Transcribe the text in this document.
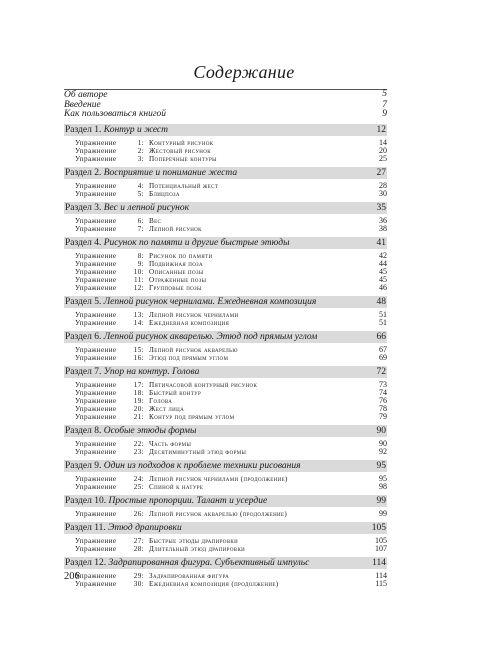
Содержание
Об авторе	5
Введение	7
Как пользоваться книгой	9
Раздел 1. Контур и жест	12
Упражнение	1: Контурный рисунок	14
Упражнение	2: Жестовый рисунок	20
Упражнение	3: Поперечные контуры	25
Раздел 2. Восприятие и понимание жеста	27
Упражнение	4: Потенциальный жест	28
Упражнение	5: Блицпоза	30
Раздел 3. Вес и лепной рисунок	35
Упражнение	6: Вес	36
Упражнение	7: Лепной рисунок	38
Раздел 4. Рисунок по памяти и другие быстрые этюды	41
Упражнение	8: Рисунок по памяти	42
Упражнение	9: Подвижная поза	44
Упражнение	10: Описанные позы	45
Упражнение	11: Отраженные позы	45
Упражнение	12: Групповые позы	46
Раздел 5. Лепной рисунок чернилами. Ежедневная композиция	48
Упражнение	13: Лепной рисунок чернилами	51
Упражнение	14: Ежедневная композиция	51
Раздел 6. Лепной рисунок акварелью. Этюд под прямым углом	66
Упражнение	15: Лепной рисунок акварелью	67
Упражнение	16: Этюд под прямым углом	69
Раздел 7. Упор на контур. Голова	72
Упражнение	17: Пятичасовой контурный рисунок	73
Упражнение	18: Быстрый контур	74
Упражнение	19: Голова	76
Упражнение	20: Жест лица	78
Упражнение	21: Контур под прямым углом	79
Раздел 8. Особые этюды формы	90
Упражнение	22: Часть формы	90
Упражнение	23: Десятиминутный этюд формы	92
Раздел 9. Один из подходов к проблеме техники рисования	95
Упражнение	24: Лепной рисунок чернилами (продолжение)	95
Упражнение	25: Спиной к натуре	98
Раздел 10. Простые пропорции. Талант и усердие	99
Упражнение	26: Лепной рисунок акварелью (продолжение)	99
Раздел 11. Этюд драпировки	105
Упражнение	27: Быстрые этюды драпировки	105
Упражнение	28: Длительный этюд драпировки	107
Раздел 12. Задрапированная фигура. Субъективный импульс	114
Упражнение	29: Задрапированная фигура	114
Упражнение	30: Ежедневная композиция (продолжение)	115
206
